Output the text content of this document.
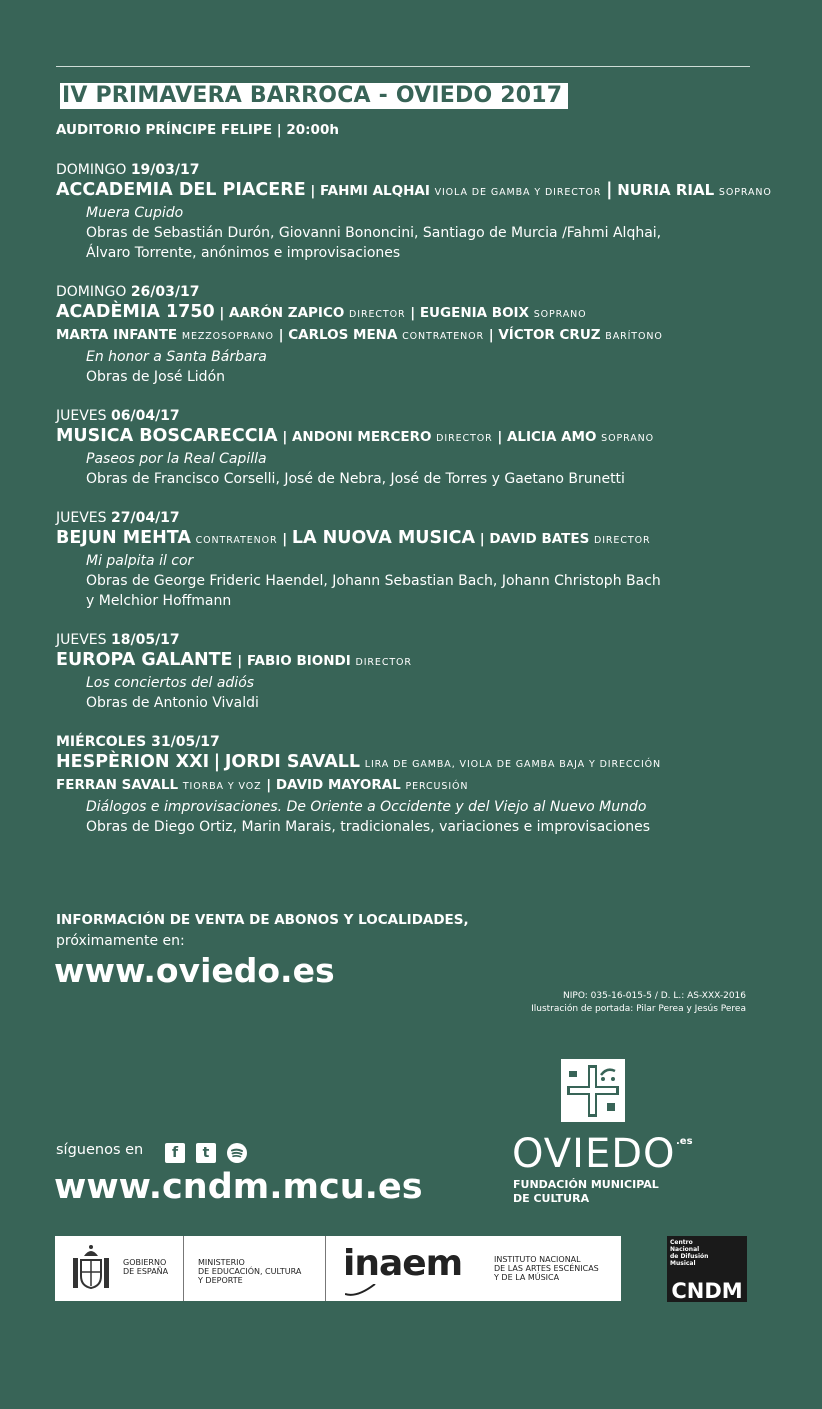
IV PRIMAVERA BARROCA - OVIEDO 2017
AUDITORIO PRÍNCIPE FELIPE | 20:00h
DOMINGO 19/03/17
ACCADEMIA DEL PIACERE | FAHMI ALQHAI VIOLA DE GAMBA Y DIRECTOR | NURIA RIAL SOPRANO
Muera Cupido
Obras de Sebastián Durón, Giovanni Bononcini, Santiago de Murcia /Fahmi Alqhai,
Álvaro Torrente, anónimos e improvisaciones
DOMINGO 26/03/17
ACADÈMIA 1750 | AARÓN ZAPICO DIRECTOR | EUGENIA BOIX SOPRANO
MARTA INFANTE MEZZOSOPRANO | CARLOS MENA CONTRATENOR | VÍCTOR CRUZ BARÍTONO
En honor a Santa Bárbara
Obras de José Lidón
JUEVES 06/04/17
MUSICA BOSCARECCIA | ANDONI MERCERO DIRECTOR | ALICIA AMO SOPRANO
Paseos por la Real Capilla
Obras de Francisco Corselli, José de Nebra, José de Torres y Gaetano Brunetti
JUEVES 27/04/17
BEJUN MEHTA CONTRATENOR | LA NUOVA MUSICA | DAVID BATES DIRECTOR
Mi palpita il cor
Obras de George Frideric Haendel, Johann Sebastian Bach, Johann Christoph Bach
y Melchior Hoffmann
JUEVES 18/05/17
EUROPA GALANTE | FABIO BIONDI DIRECTOR
Los conciertos del adiós
Obras de Antonio Vivaldi
MIÉRCOLES 31/05/17
HESPÈRION XXI | JORDI SAVALL LIRA DE GAMBA, VIOLA DE GAMBA BAJA Y DIRECCIÓN
FERRAN SAVALL TIORBA Y VOZ | DAVID MAYORAL PERCUSIÓN
Diálogos e improvisaciones. De Oriente a Occidente y del Viejo al Nuevo Mundo
Obras de Diego Ortiz, Marin Marais, tradicionales, variaciones e improvisaciones
INFORMACIÓN DE VENTA DE ABONOS Y LOCALIDADES,
próximamente en:
www.oviedo.es
NIPO: 035-16-015-5 / D. L.: AS-XXX-2016
Ilustración de portada: Pilar Perea y Jesús Perea
OVIEDO .es
FUNDACIÓN MUNICIPAL
DE CULTURA
síguenos en	f	t
www.cndm.mcu.es
GOBIERNO
DE ESPAÑA
MINISTERIO
DE EDUCACIÓN, CULTURA
Y DEPORTE	inaem	INSTITUTO NACIONAL
DE LAS ARTES ESCÉNICAS
Y DE LA MÚSICA
Centro
Nacional
de Difusión
Musical
CNDM
